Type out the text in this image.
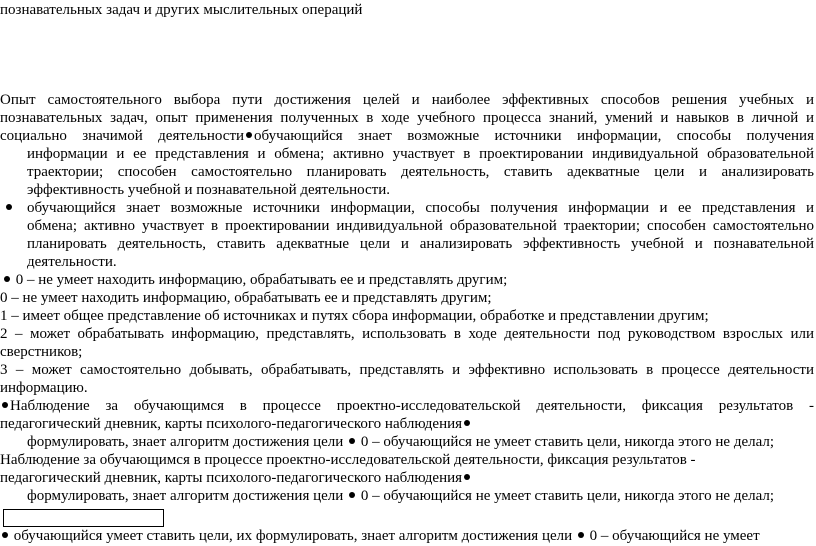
познавательных задач и других мыслительных операций
Опыт самостоятельного выбора пути достижения целей и наиболее эффективных способов решения учебных и
познавательных задач, опыт применения полученных в ходе учебного процесса знаний, умений и навыков в личной и
социально значимой деятельности обучающийся знает возможные источники информации, способы получения
информации и ее представления и обмена; активно участвует в проектировании индивидуальной образовательной
траектории; способен самостоятельно планировать деятельность, ставить адекватные цели и анализировать
эффективность учебной и познавательной деятельности.
обучающийся знает возможные источники информации, способы получения информации и ее представления и
обмена; активно участвует в проектировании индивидуальной образовательной траектории; способен самостоятельно
планировать деятельность, ставить адекватные цели и анализировать эффективность учебной и познавательной
деятельности.
0 – не умеет находить информацию, обрабатывать ее и представлять другим;
0 – не умеет находить информацию, обрабатывать ее и представлять другим;
1 – имеет общее представление об источниках и путях сбора информации, обработке и представлении другим;
2 – может обрабатывать информацию, представлять, использовать в ходе деятельности под руководством взрослых или
сверстников;
3 – может самостоятельно добывать, обрабатывать, представлять и эффективно использовать в процессе деятельности
информацию.
Наблюдение за обучающимся в процессе проектно-исследовательской деятельности, фиксация результатов -
педагогический дневник, карты психолого-педагогического наблюдения
формулировать, знает алгоритм достижения цели 0 – обучающийся не умеет ставить цели, никогда этого не делал;
Наблюдение за обучающимся в процессе проектно-исследовательской деятельности, фиксация результатов -
педагогический дневник, карты психолого-педагогического наблюдения
формулировать, знает алгоритм достижения цели 0 – обучающийся не умеет ставить цели, никогда этого не делал;
обучающийся умеет ставить цели, их формулировать, знает алгоритм достижения цели 0 – обучающийся не умеет
